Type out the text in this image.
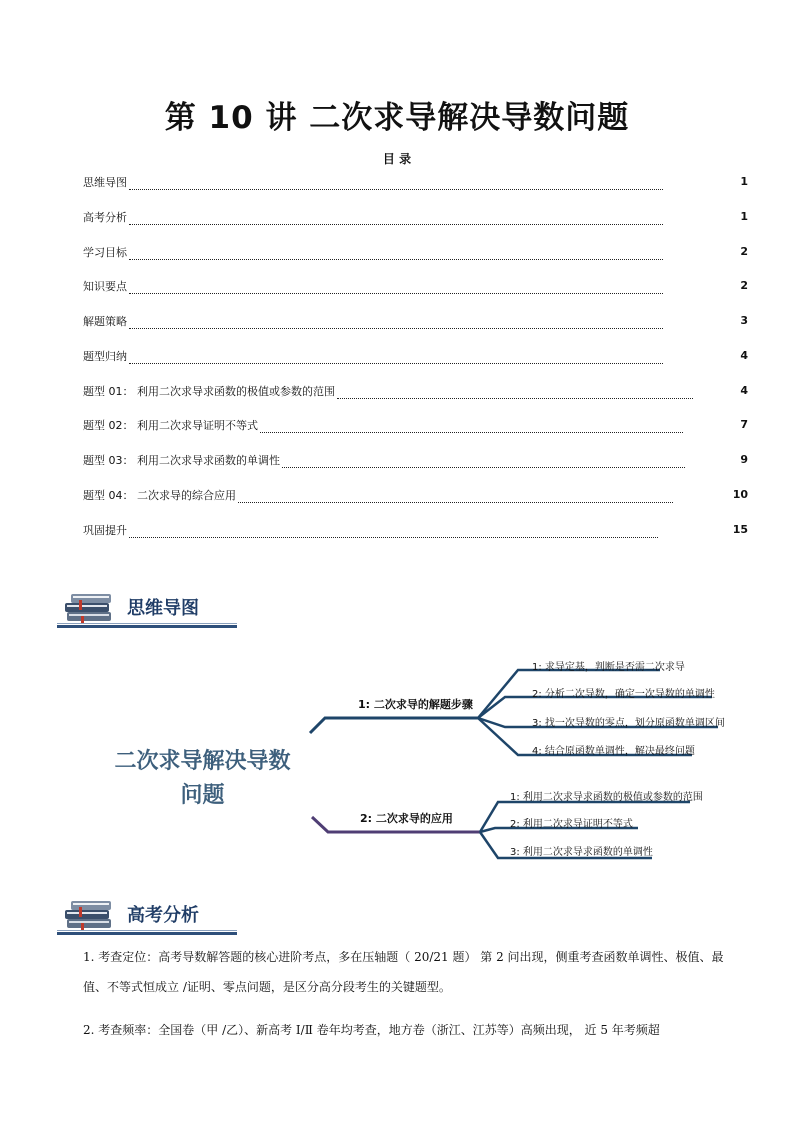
第 10 讲 二次求导解决导数问题
目 录
思维导图	1
高考分析	1
学习目标	2
知识要点	2
解题策略	3
题型归纳	4
题型 01： 利用二次求导求函数的极值或参数的范围	4
题型 02： 利用二次求导证明不等式	7
题型 03： 利用二次求导求函数的单调性	9
题型 04： 二次求导的综合应用	10
巩固提升	15
思维导图
二次求导解决导数
问题
1: 二次求导的解题步骤
1: 求导定基，判断是否需二次求导
2: 分析二次导数，确定一次导数的单调性
3: 找一次导数的零点，划分原函数单调区间
4: 结合原函数单调性，解决最终问题
2: 二次求导的应用
1: 利用二次求导求函数的极值或参数的范围
2: 利用二次求导证明不等式
3: 利用二次求导求函数的单调性
高考分析
1. 考查定位：高考导数解答题的核心进阶考点，多在压轴题（ 20/21 题） 第 2 问出现，侧重考查函数单调性、极值、最值、不等式恒成立 /证明、零点问题，是区分高分段考生的关键题型。
2. 考查频率：全国卷（甲 /乙）、新高考 Ⅰ/Ⅱ 卷年均考查，地方卷（浙江、江苏等）高频出现， 近 5 年考频超
